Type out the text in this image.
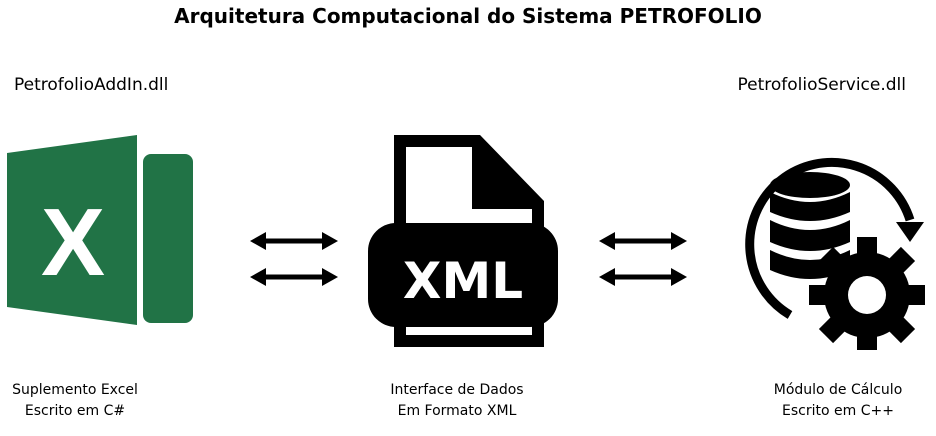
Arquitetura Computacional do Sistema PETROFOLIO
PetrofolioAddIn.dll	PetrofolioService.dll
X	XML
Suplemento Excel
Escrito em C#
Interface de Dados
Em Formato XML
Módulo de Cálculo
Escrito em C++
